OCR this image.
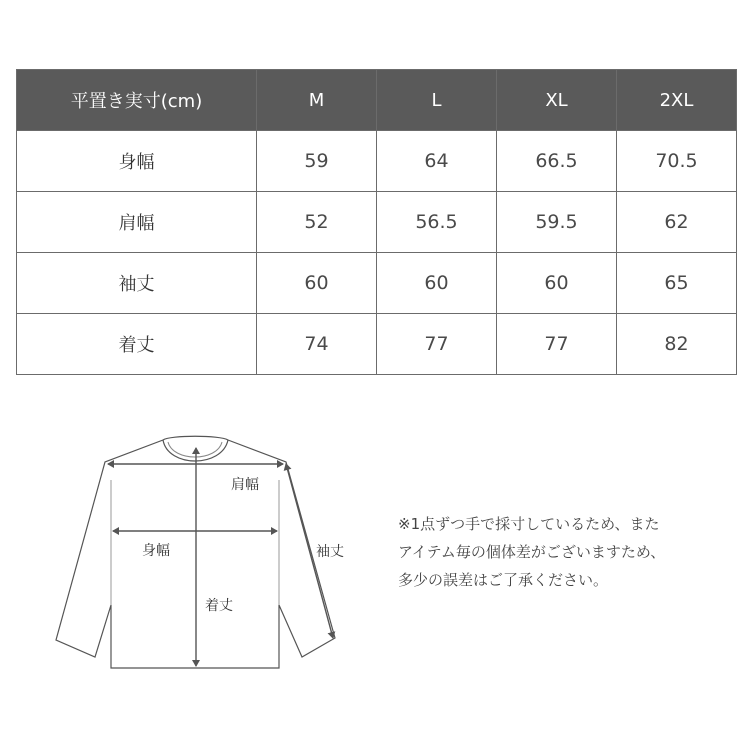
平置き実寸(cm)	M	L	XL	2XL
身幅	59	64	66.5	70.5
肩幅	52	56.5	59.5	62
袖丈	60	60	60	65
着丈	74	77	77	82
肩幅
身幅	袖丈
着丈
※1点ずつ手で採寸しているため、また
アイテム毎の個体差がございますため、
多少の誤差はご了承ください。
